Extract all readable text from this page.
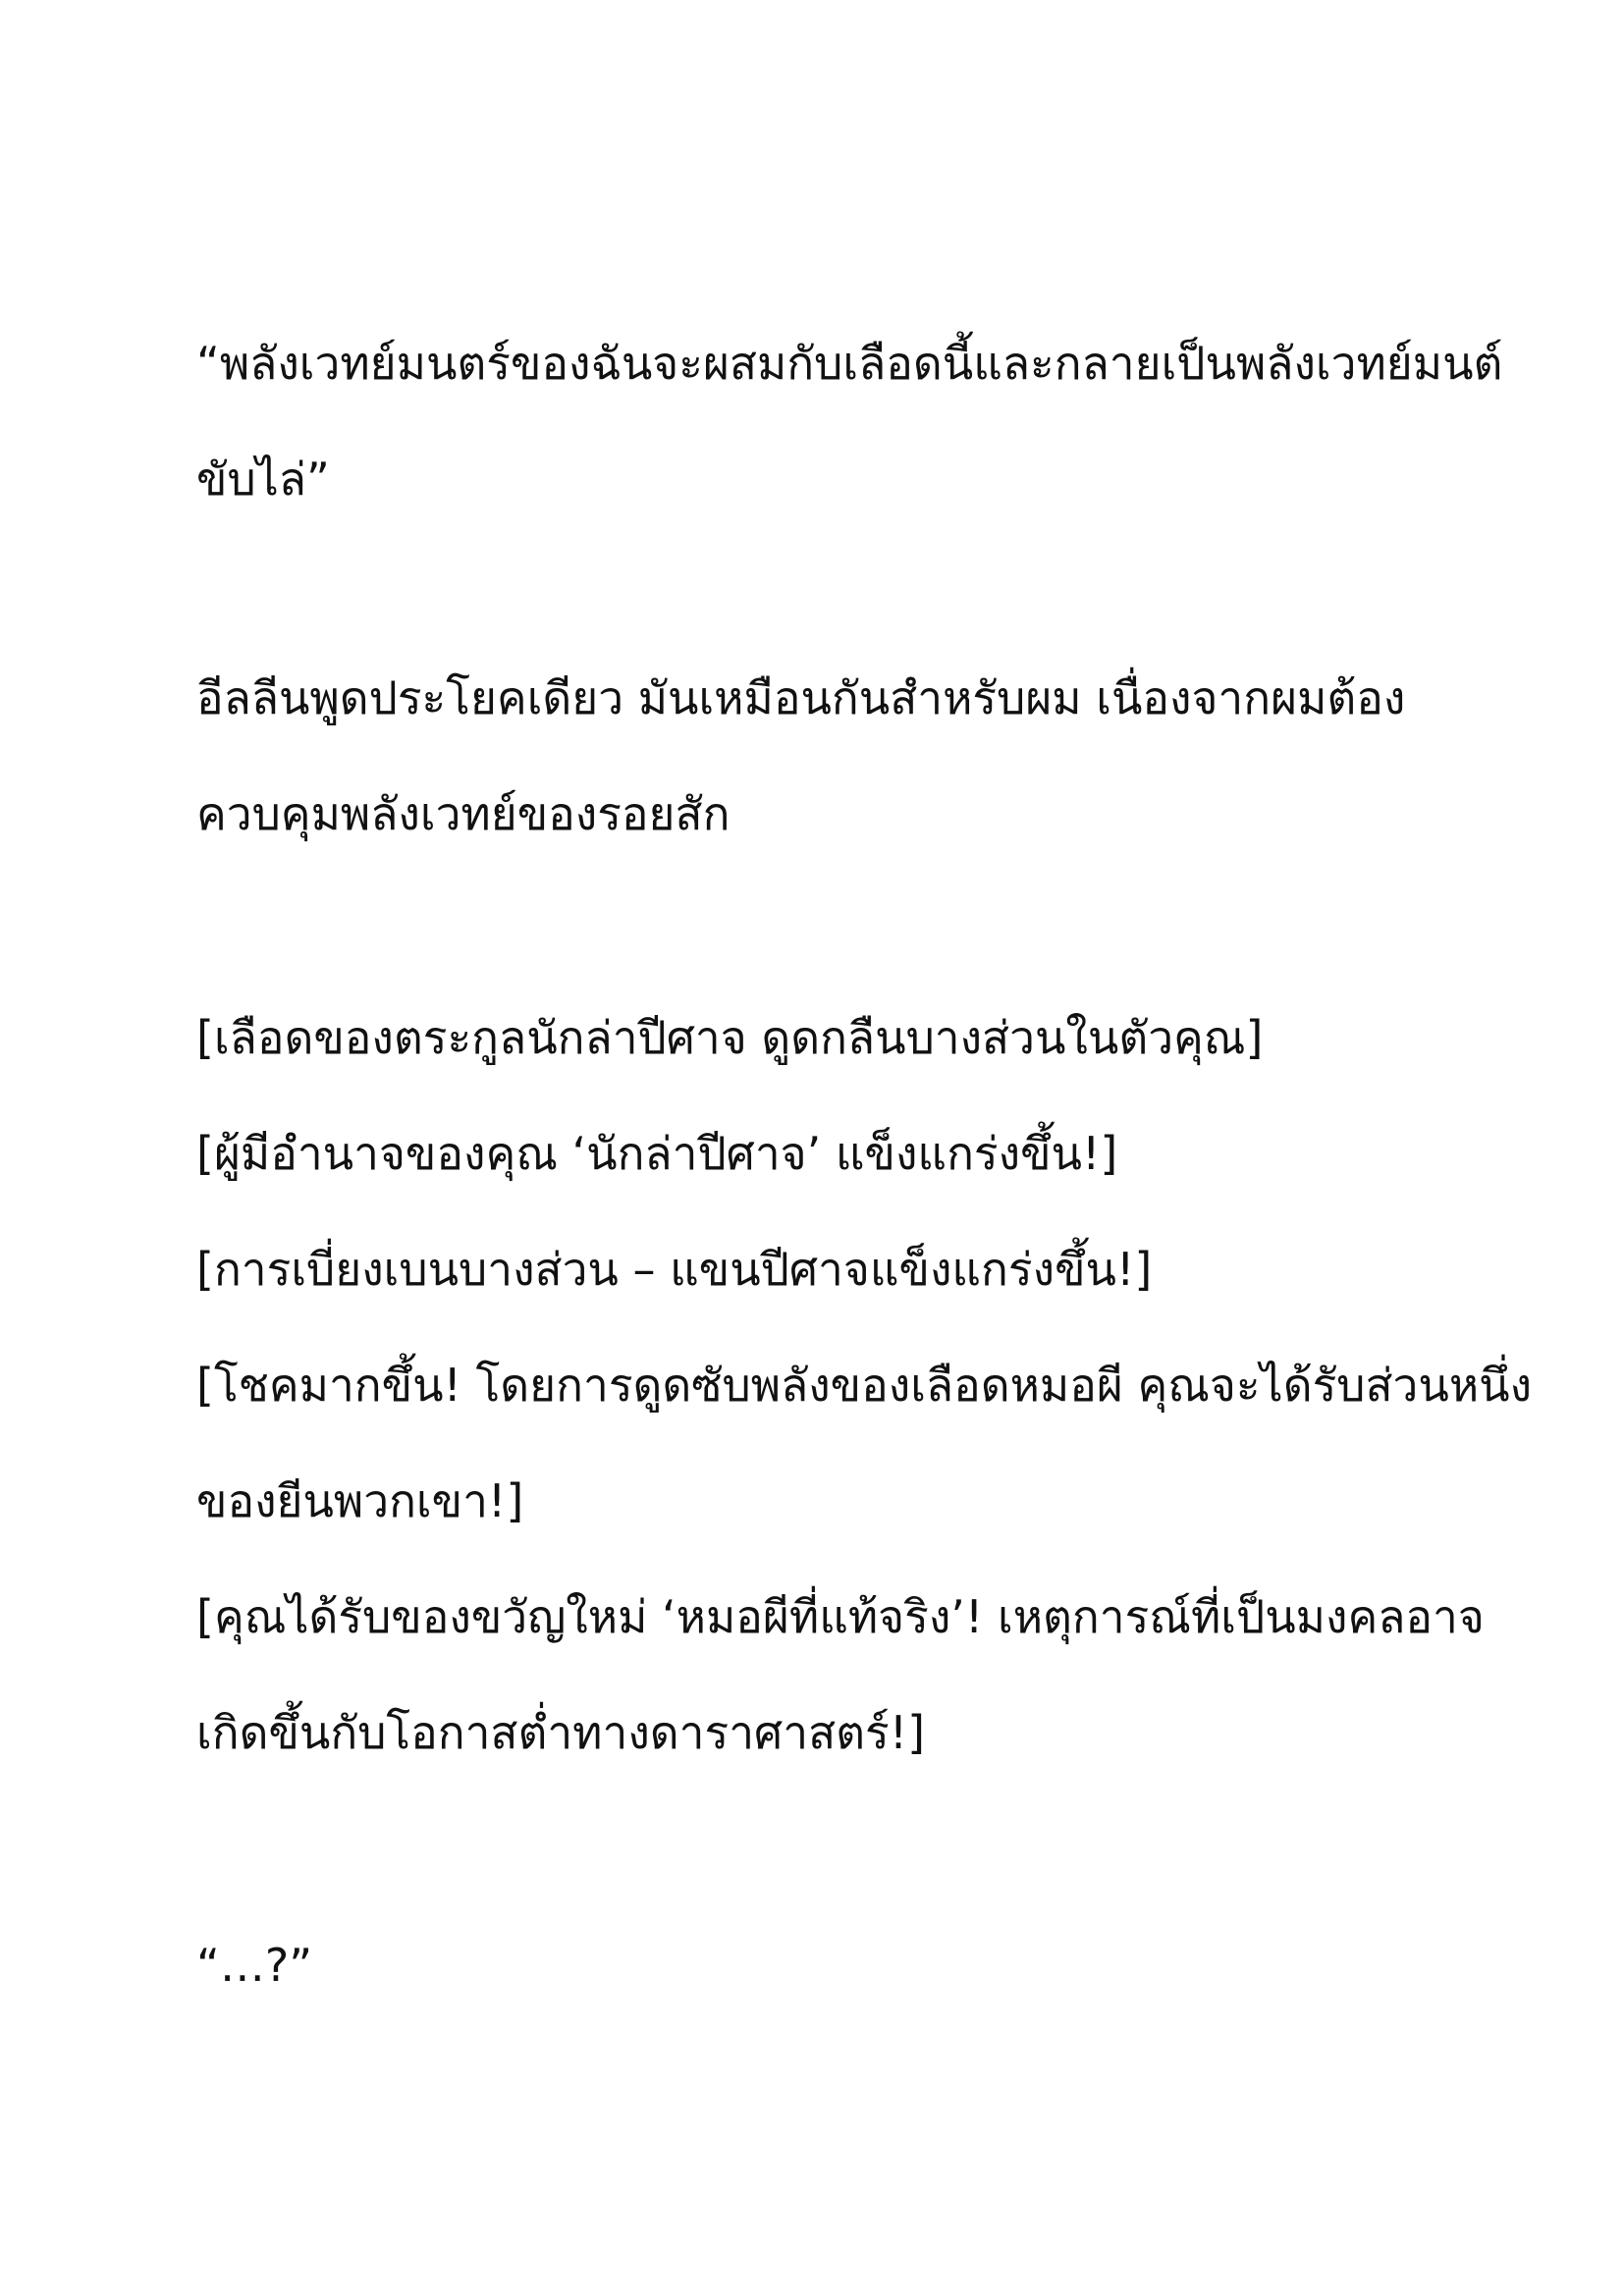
“พลังเวทย์มนตร์ของฉันจะผสมกับเลือดนี้และกลายเป็นพลังเวทย์มนต์
ขับไล่”

อีลลีนพูดประโยคเดียว มันเหมือนกันสำหรับผม เนื่องจากผมต้อง
ควบคุมพลังเวทย์ของรอยสัก

[เลือดของตระกูลนักล่าปีศาจ ดูดกลืนบางส่วนในตัวคุณ]

[ผู้มีอำนาจของคุณ ‘นักล่าปีศาจ’ แข็งแกร่งขึ้น!]

[การเบี่ยงเบนบางส่วน – แขนปีศาจแข็งแกร่งขึ้น!]

[โชคมากขึ้น! โดยการดูดซับพลังของเลือดหมอผี คุณจะได้รับส่วนหนึ่ง
ของยีนพวกเขา!]

[คุณได้รับของขวัญใหม่ ‘หมอผีที่แท้จริง’! เหตุการณ์ที่เป็นมงคลอาจ
เกิดขึ้นกับโอกาสต่ำทางดาราศาสตร์!]

“…?”
